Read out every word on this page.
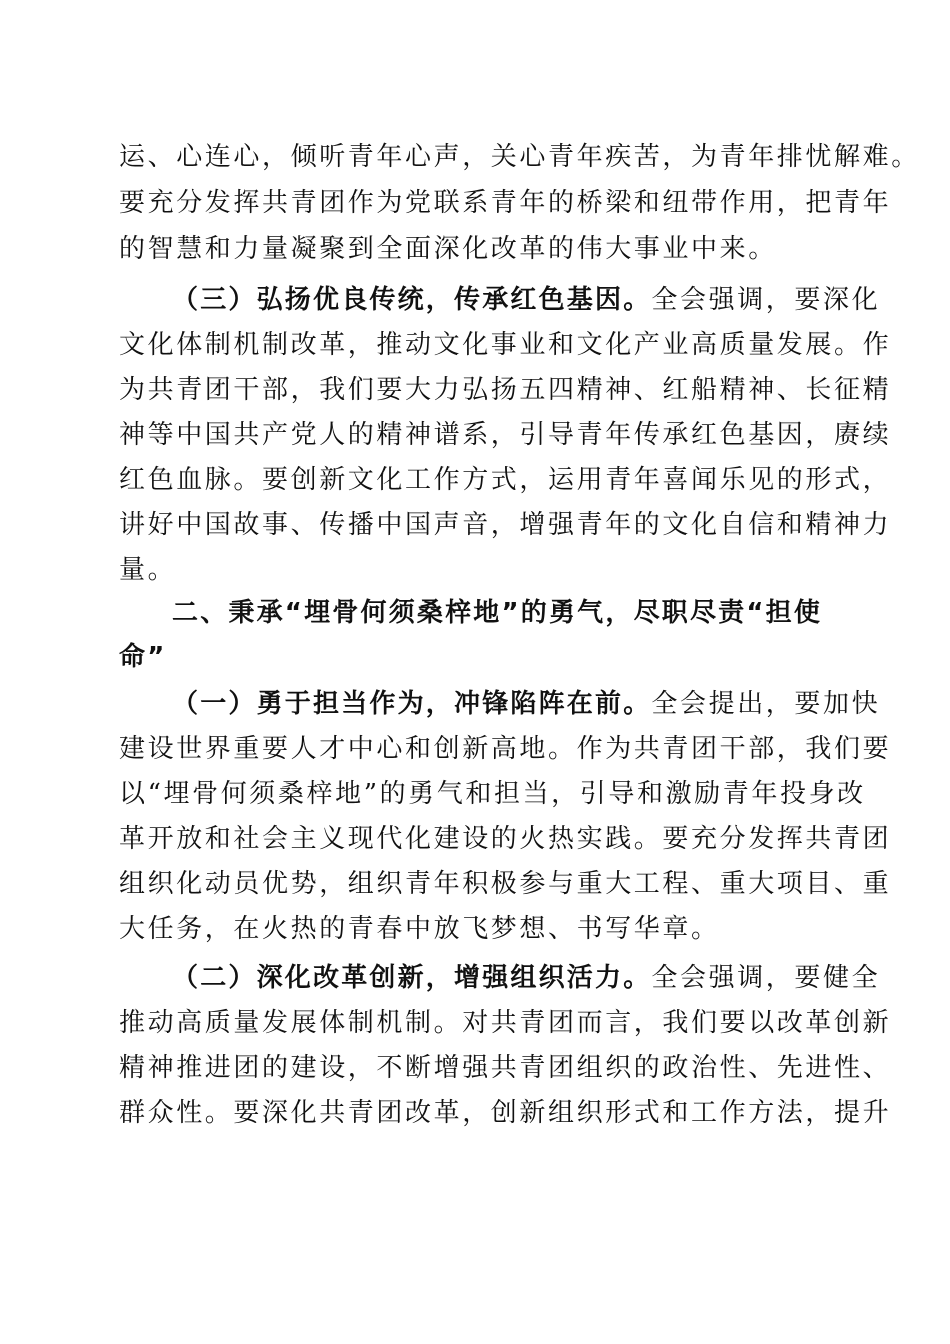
运、心连心，倾听青年心声，关心青年疾苦，为青年排忧解难。
要充分发挥共青团作为党联系青年的桥梁和纽带作用，把青年
的智慧和力量凝聚到全面深化改革的伟大事业中来。
（三）弘扬优良传统，传承红色基因。全会强调，要深化
文化体制机制改革，推动文化事业和文化产业高质量发展。作
为共青团干部，我们要大力弘扬五四精神、红船精神、长征精
神等中国共产党人的精神谱系，引导青年传承红色基因，赓续
红色血脉。要创新文化工作方式，运用青年喜闻乐见的形式，
讲好中国故事、传播中国声音，增强青年的文化自信和精神力
量。
二、秉承“埋骨何须桑梓地”的勇气，尽职尽责“担使
命”
（一）勇于担当作为，冲锋陷阵在前。全会提出，要加快
建设世界重要人才中心和创新高地。作为共青团干部，我们要
以“埋骨何须桑梓地”的勇气和担当，引导和激励青年投身改
革开放和社会主义现代化建设的火热实践。要充分发挥共青团
组织化动员优势，组织青年积极参与重大工程、重大项目、重
大任务，在火热的青春中放飞梦想、书写华章。
（二）深化改革创新，增强组织活力。全会强调，要健全
推动高质量发展体制机制。对共青团而言，我们要以改革创新
精神推进团的建设，不断增强共青团组织的政治性、先进性、
群众性。要深化共青团改革，创新组织形式和工作方法，提升
